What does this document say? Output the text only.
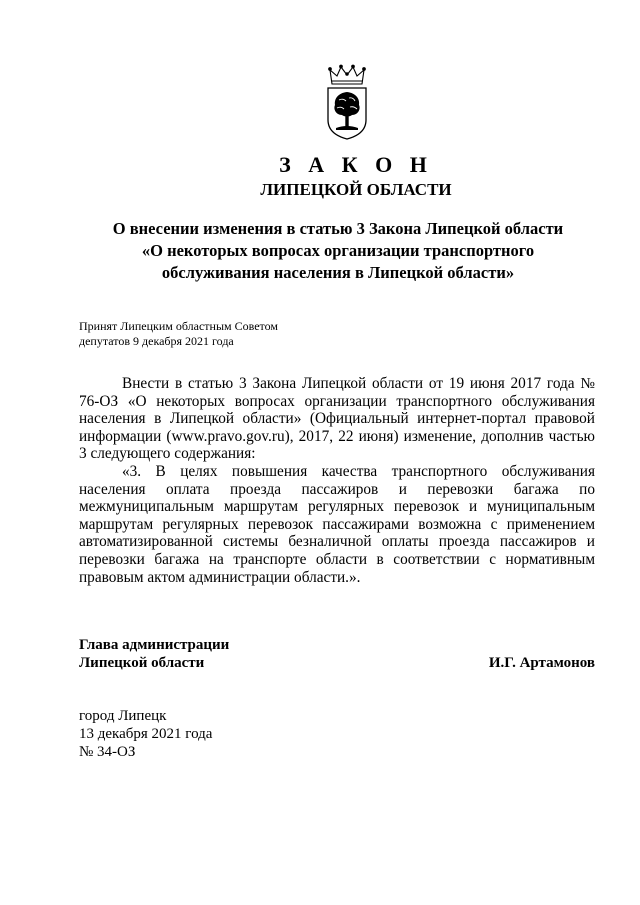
З А К О Н
ЛИПЕЦКОЙ ОБЛАСТИ
О внесении изменения в статью 3 Закона Липецкой области
«О некоторых вопросах организации транспортного
обслуживания населения в Липецкой области»
Принят Липецким областным Советом
депутатов 9 декабря 2021 года

Внести в статью 3 Закона Липецкой области от 19 июня 2017 года № 76-ОЗ «О некоторых вопросах организации транспортного обслуживания населения в Липецкой области» (Официальный интернет-портал правовой информации (www.pravo.gov.ru), 2017, 22 июня) изменение, дополнив частью 3 следующего содержания:

«3. В целях повышения качества транспортного обслуживания населения оплата проезда пассажиров и перевозки багажа по межмуниципальным маршрутам регулярных перевозок и муниципальным маршрутам регулярных перевозок пассажирами возможна с применением автоматизированной системы безналичной оплаты проезда пассажиров и перевозки багажа на транспорте области в соответствии с нормативным правовым актом администрации области.».

Глава администрации
Липецкой области	И.Г. Артамонов
город Липецк
13 декабря 2021 года
№ 34-ОЗ
